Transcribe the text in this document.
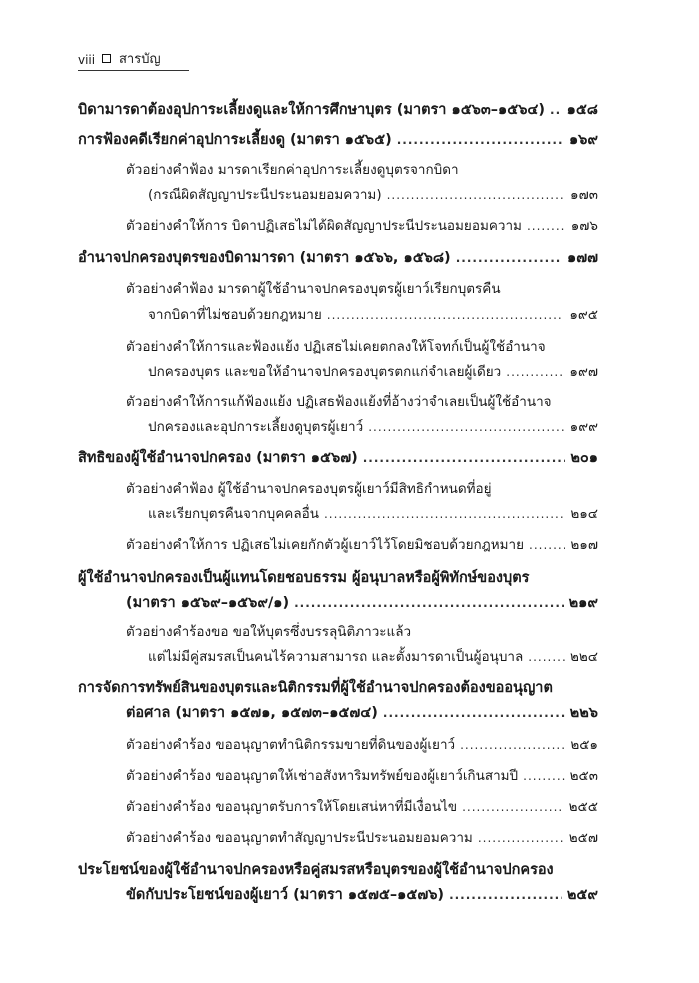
viii สารบัญ
บิดามารดาต้องอุปการะเลี้ยงดูและให้การศึกษาบุตร (มาตรา ๑๕๖๓–๑๕๖๔) ..... ๑๕๘
การฟ้องคดีเรียกค่าอุปการะเลี้ยงดู (มาตรา ๑๕๖๕) .....	๑๖๙
ตัวอย่างคำฟ้อง มารดาเรียกค่าอุปการะเลี้ยงดูบุตรจากบิดา
(กรณีผิดสัญญาประนีประนอมยอมความ) .....	๑๗๓
ตัวอย่างคำให้การ บิดาปฏิเสธไม่ได้ผิดสัญญาประนีประนอมยอมความ .....	๑๗๖
อำนาจปกครองบุตรของบิดามารดา (มาตรา ๑๕๖๖, ๑๕๖๘) .....	๑๗๗
ตัวอย่างคำฟ้อง มารดาผู้ใช้อำนาจปกครองบุตรผู้เยาว์เรียกบุตรคืน
จากบิดาที่ไม่ชอบด้วยกฎหมาย .....	๑๙๕
ตัวอย่างคำให้การและฟ้องแย้ง ปฏิเสธไม่เคยตกลงให้โจทก์เป็นผู้ใช้อำนาจ
ปกครองบุตร และขอให้อำนาจปกครองบุตรตกแก่จำเลยผู้เดียว .....	๑๙๗
ตัวอย่างคำให้การแก้ฟ้องแย้ง ปฏิเสธฟ้องแย้งที่อ้างว่าจำเลยเป็นผู้ใช้อำนาจ
ปกครองและอุปการะเลี้ยงดูบุตรผู้เยาว์ .....	๑๙๙
สิทธิของผู้ใช้อำนาจปกครอง (มาตรา ๑๕๖๗) .....	๒๐๑
ตัวอย่างคำฟ้อง ผู้ใช้อำนาจปกครองบุตรผู้เยาว์มีสิทธิกำหนดที่อยู่
และเรียกบุตรคืนจากบุคคลอื่น .....	๒๑๔
ตัวอย่างคำให้การ ปฏิเสธไม่เคยกักตัวผู้เยาว์ไว้โดยมิชอบด้วยกฎหมาย .....	๒๑๗
ผู้ใช้อำนาจปกครองเป็นผู้แทนโดยชอบธรรม ผู้อนุบาลหรือผู้พิทักษ์ของบุตร
(มาตรา ๑๕๖๙–๑๕๖๙/๑) .....	๒๑๙
ตัวอย่างคำร้องขอ ขอให้บุตรซึ่งบรรลุนิติภาวะแล้ว
แต่ไม่มีคู่สมรสเป็นคนไร้ความสามารถ และตั้งมารดาเป็นผู้อนุบาล .....	๒๒๔
การจัดการทรัพย์สินของบุตรและนิติกรรมที่ผู้ใช้อำนาจปกครองต้องขออนุญาต
ต่อศาล (มาตรา ๑๕๗๑, ๑๕๗๓–๑๕๗๔) .....	๒๒๖
ตัวอย่างคำร้อง ขออนุญาตทำนิติกรรมขายที่ดินของผู้เยาว์ .....	๒๕๑
ตัวอย่างคำร้อง ขออนุญาตให้เช่าอสังหาริมทรัพย์ของผู้เยาว์เกินสามปี .....	๒๕๓
ตัวอย่างคำร้อง ขออนุญาตรับการให้โดยเสน่หาที่มีเงื่อนไข .....	๒๕๕
ตัวอย่างคำร้อง ขออนุญาตทำสัญญาประนีประนอมยอมความ .....	๒๕๗
ประโยชน์ของผู้ใช้อำนาจปกครองหรือคู่สมรสหรือบุตรของผู้ใช้อำนาจปกครอง
ขัดกับประโยชน์ของผู้เยาว์ (มาตรา ๑๕๗๕–๑๕๗๖) .....	๒๕๙
